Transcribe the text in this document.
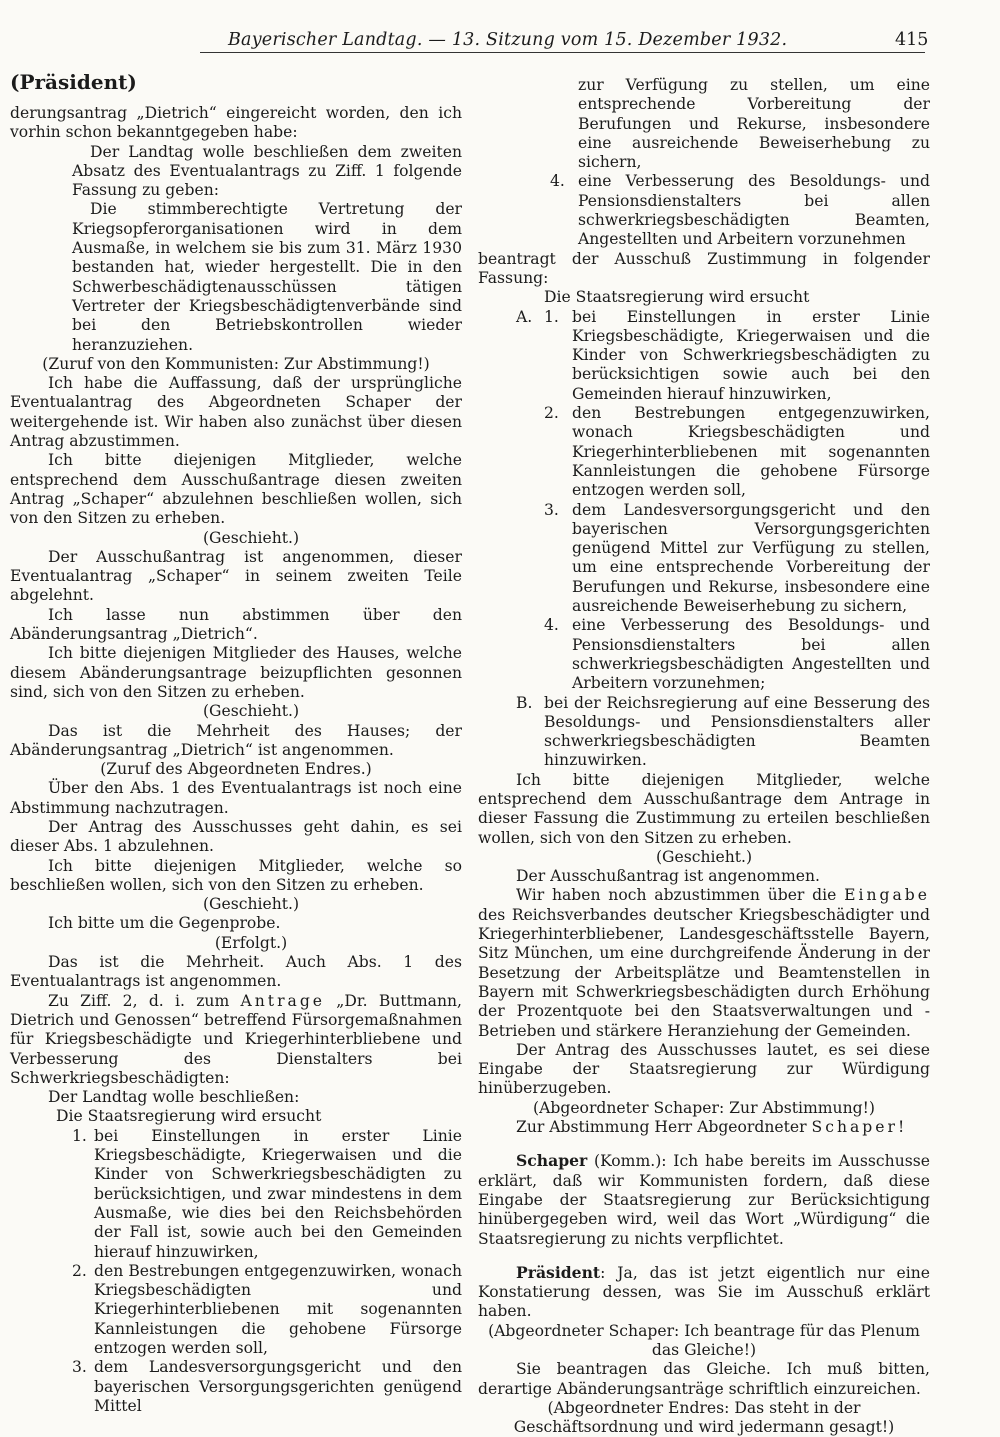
Bayerischer Landtag. — 13. Sitzung vom 15. Dezember 1932.	415

(Präsident)

derungsantrag „Dietrich“ eingereicht worden, den ich vorhin schon bekanntgegeben habe:

Der Landtag wolle beschließen dem zweiten Absatz des Eventualantrags zu Ziff. 1 folgende Fassung zu geben:

Die stimmberechtigte Vertretung der Kriegsopferorganisationen wird in dem Ausmaße, in welchem sie bis zum 31. März 1930 bestanden hat, wieder hergestellt. Die in den Schwerbeschädigtenausschüssen tätigen Vertreter der Kriegsbeschädigtenverbände sind bei den Betriebskontrollen wieder heranzuziehen.

(Zuruf von den Kommunisten: Zur Abstimmung!)

Ich habe die Auffassung, daß der ursprüngliche Eventualantrag des Abgeordneten Schaper der weitergehende ist. Wir haben also zunächst über diesen Antrag abzustimmen.

Ich bitte diejenigen Mitglieder, welche entsprechend dem Ausschußantrage diesen zweiten Antrag „Schaper“ abzulehnen beschließen wollen, sich von den Sitzen zu erheben.

(Geschieht.)

Der Ausschußantrag ist angenommen, dieser Eventualantrag „Schaper“ in seinem zweiten Teile abgelehnt.

Ich lasse nun abstimmen über den Abänderungsantrag „Dietrich“.

Ich bitte diejenigen Mitglieder des Hauses, welche diesem Abänderungsantrage beizupflichten gesonnen sind, sich von den Sitzen zu erheben.

(Geschieht.)

Das ist die Mehrheit des Hauses; der Abänderungsantrag „Dietrich“ ist angenommen.

(Zuruf des Abgeordneten Endres.)

Über den Abs. 1 des Eventualantrags ist noch eine Abstimmung nachzutragen.

Der Antrag des Ausschusses geht dahin, es sei dieser Abs. 1 abzulehnen.

Ich bitte diejenigen Mitglieder, welche so beschließen wollen, sich von den Sitzen zu erheben.

(Geschieht.)

Ich bitte um die Gegenprobe.

(Erfolgt.)

Das ist die Mehrheit. Auch Abs. 1 des Eventualantrags ist angenommen.

Zu Ziff. 2, d. i. zum Antrage „Dr. Buttmann, Dietrich und Genossen“ betreffend Fürsorgemaßnahmen für Kriegsbeschädigte und Kriegerhinterbliebene und Verbesserung des Dienstalters bei Schwerkriegsbeschädigten:

Der Landtag wolle beschließen:

Die Staatsregierung wird ersucht

1. bei Einstellungen in erster Linie Kriegsbeschädigte, Kriegerwaisen und die Kinder von Schwerkriegsbeschädigten zu berücksichtigen, und zwar mindestens in dem Ausmaße, wie dies bei den Reichsbehörden der Fall ist, sowie auch bei den Gemeinden hierauf hinzuwirken,
2. den Bestrebungen entgegenzuwirken, wonach Kriegsbeschädigten und Kriegerhinterbliebenen mit sogenannten Kannleistungen die gehobene Fürsorge entzogen werden soll,
3. dem Landesversorgungsgericht und den bayerischen Versorgungsgerichten genügend Mittel

zur Verfügung zu stellen, um eine entsprechende Vorbereitung der Berufungen und Rekurse, insbesondere eine ausreichende Beweiserhebung zu sichern,

4. eine Verbesserung des Besoldungs- und Pensionsdienstalters bei allen schwerkriegsbeschädigten Beamten, Angestellten und Arbeitern vorzunehmen

beantragt der Ausschuß Zustimmung in folgender Fassung:

Die Staatsregierung wird ersucht

A. 1. bei Einstellungen in erster Linie Kriegsbeschädigte, Kriegerwaisen und die Kinder von Schwerkriegsbeschädigten zu berücksichtigen sowie auch bei den Gemeinden hierauf hinzuwirken,
2. den Bestrebungen entgegenzuwirken, wonach Kriegsbeschädigten und Kriegerhinterbliebenen mit sogenannten Kannleistungen die gehobene Fürsorge entzogen werden soll,
3. dem Landesversorgungsgericht und den bayerischen Versorgungsgerichten genügend Mittel zur Verfügung zu stellen, um eine entsprechende Vorbereitung der Berufungen und Rekurse, insbesondere eine ausreichende Beweiserhebung zu sichern,
4. eine Verbesserung des Besoldungs- und Pensionsdienstalters bei allen schwerkriegsbeschädigten Angestellten und Arbeitern vorzunehmen;
B. bei der Reichsregierung auf eine Besserung des Besoldungs- und Pensionsdienstalters aller schwerkriegsbeschädigten Beamten hinzuwirken.

Ich bitte diejenigen Mitglieder, welche entsprechend dem Ausschußantrage dem Antrage in dieser Fassung die Zustimmung zu erteilen beschließen wollen, sich von den Sitzen zu erheben.

(Geschieht.)

Der Ausschußantrag ist angenommen.

Wir haben noch abzustimmen über die Eingabe des Reichsverbandes deutscher Kriegsbeschädigter und Kriegerhinterbliebener, Landesgeschäftsstelle Bayern, Sitz München, um eine durchgreifende Änderung in der Besetzung der Arbeitsplätze und Beamtenstellen in Bayern mit Schwerkriegsbeschädigten durch Erhöhung der Prozentquote bei den Staatsverwaltungen und -Betrieben und stärkere Heranziehung der Gemeinden.

Der Antrag des Ausschusses lautet, es sei diese Eingabe der Staatsregierung zur Würdigung hinüberzugeben.

(Abgeordneter Schaper: Zur Abstimmung!)

Zur Abstimmung Herr Abgeordneter Schaper!

Schaper (Komm.): Ich habe bereits im Ausschusse erklärt, daß wir Kommunisten fordern, daß diese Eingabe der Staatsregierung zur Berücksichtigung hinübergegeben wird, weil das Wort „Würdigung“ die Staatsregierung zu nichts verpflichtet.

Präsident: Ja, das ist jetzt eigentlich nur eine Konstatierung dessen, was Sie im Ausschuß erklärt haben.

(Abgeordneter Schaper: Ich beantrage für das Plenum das Gleiche!)

Sie beantragen das Gleiche. Ich muß bitten, derartige Abänderungsanträge schriftlich einzureichen.

(Abgeordneter Endres: Das steht in der Geschäftsordnung und wird jedermann gesagt!)
